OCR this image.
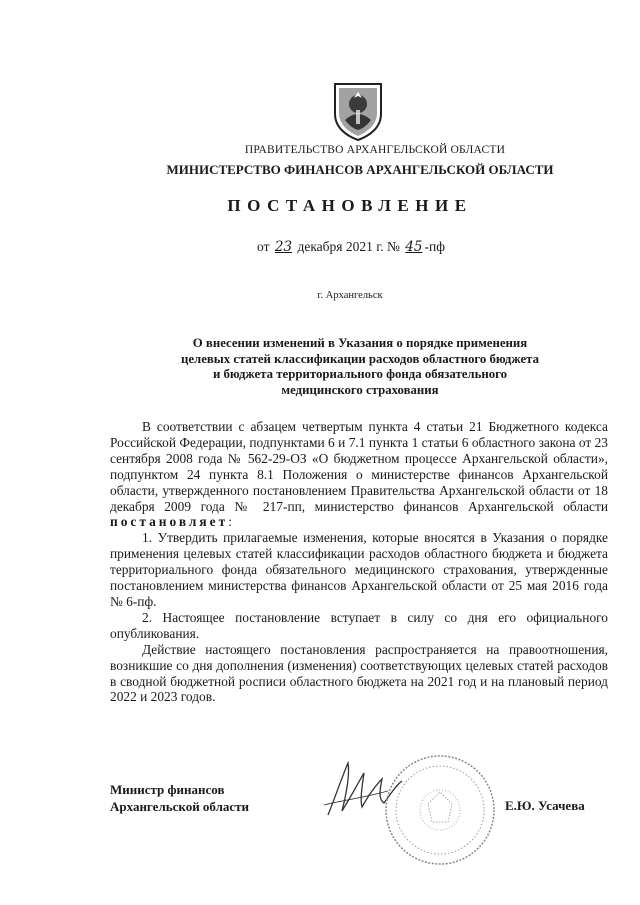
ПРАВИТЕЛЬСТВО АРХАНГЕЛЬСКОЙ ОБЛАСТИ
МИНИСТЕРСТВО ФИНАНСОВ АРХАНГЕЛЬСКОЙ ОБЛАСТИ
ПОСТАНОВЛЕНИЕ
от 23 декабря 2021 г. № 45 -пф
г. Архангельск
О внесении изменений в Указания о порядке применения
целевых статей классификации расходов областного бюджета
и бюджета территориального фонда обязательного
медицинского страхования

В соответствии с абзацем четвертым пункта 4 статьи 21 Бюджетного кодекса Российской Федерации, подпунктами 6 и 7.1 пункта 1 статьи 6 областного закона от 23 сентября 2008 года № 562-29-ОЗ «О бюджетном процессе Архангельской области», подпунктом 24 пункта 8.1 Положения о министерстве финансов Архангельской области, утвержденного постановлением Правительства Архангельской области от 18 декабря 2009 года № 217-пп, министерство финансов Архангельской области постановляет:

1. Утвердить прилагаемые изменения, которые вносятся в Указания о порядке применения целевых статей классификации расходов областного бюджета и бюджета территориального фонда обязательного медицинского страхования, утвержденные постановлением министерства финансов Архангельской области от 25 мая 2016 года № 6-пф.

2. Настоящее постановление вступает в силу со дня его официального опубликования.

Действие настоящего постановления распространяется на правоотношения, возникшие со дня дополнения (изменения) соответствующих целевых статей расходов в сводной бюджетной росписи областного бюджета на 2021 год и на плановый период 2022 и 2023 годов.

Министр финансов
Архангельской области	Е.Ю. Усачева
